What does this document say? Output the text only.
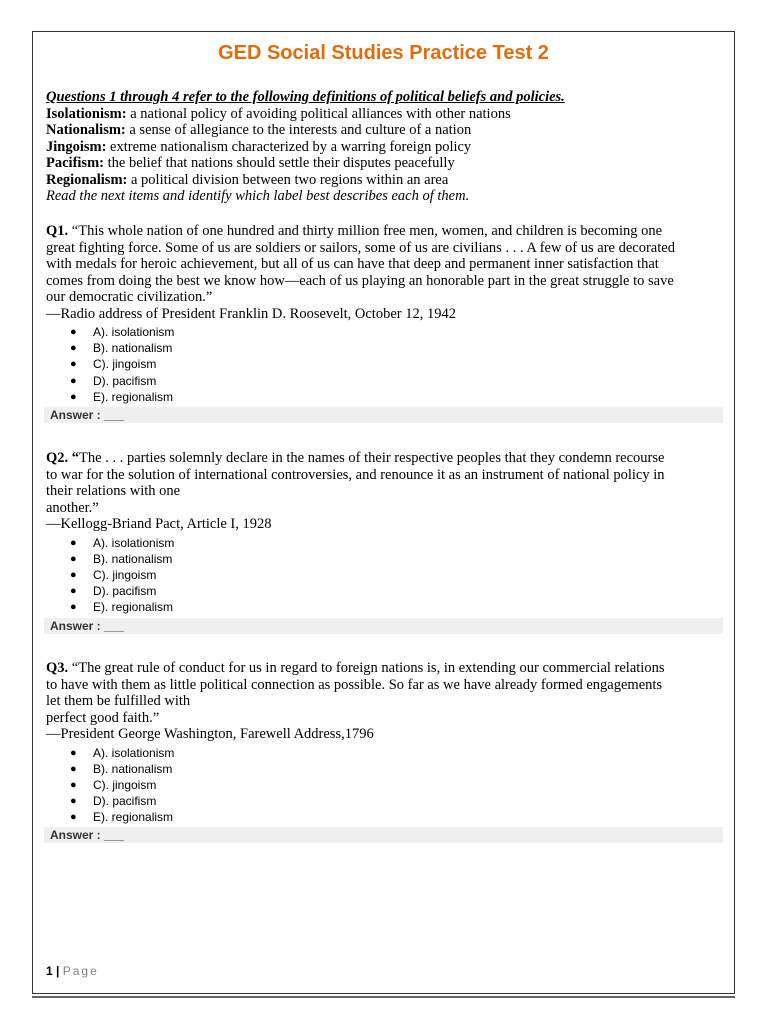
GED Social Studies Practice Test 2
Questions 1 through 4 refer to the following definitions of political beliefs and policies.
Isolationism: a national policy of avoiding political alliances with other nations
Nationalism: a sense of allegiance to the interests and culture of a nation
Jingoism: extreme nationalism characterized by a warring foreign policy
Pacifism: the belief that nations should settle their disputes peacefully
Regionalism: a political division between two regions within an area
Read the next items and identify which label best describes each of them.
Q1. “This whole nation of one hundred and thirty million free men, women, and children is becoming one
great fighting force. Some of us are soldiers or sailors, some of us are civilians . . . A few of us are decorated
with medals for heroic achievement, but all of us can have that deep and permanent inner satisfaction that
comes from doing the best we know how—each of us playing an honorable part in the great struggle to save
our democratic civilization.”
—Radio address of President Franklin D. Roosevelt, October 12, 1942
● A). isolationism
● B). nationalism
● C). jingoism
● D). pacifism
● E). regionalism
Answer : ___
Q2. “The . . . parties solemnly declare in the names of their respective peoples that they condemn recourse
to war for the solution of international controversies, and renounce it as an instrument of national policy in
their relations with one
another.”
—Kellogg-Briand Pact, Article I, 1928
● A). isolationism
● B). nationalism
● C). jingoism
● D). pacifism
● E). regionalism
Answer : ___
Q3. “The great rule of conduct for us in regard to foreign nations is, in extending our commercial relations
to have with them as little political connection as possible. So far as we have already formed engagements
let them be fulfilled with
perfect good faith.”
—President George Washington, Farewell Address,1796
● A). isolationism
● B). nationalism
● C). jingoism
● D). pacifism
● E). regionalism
Answer : ___
1 | Page
